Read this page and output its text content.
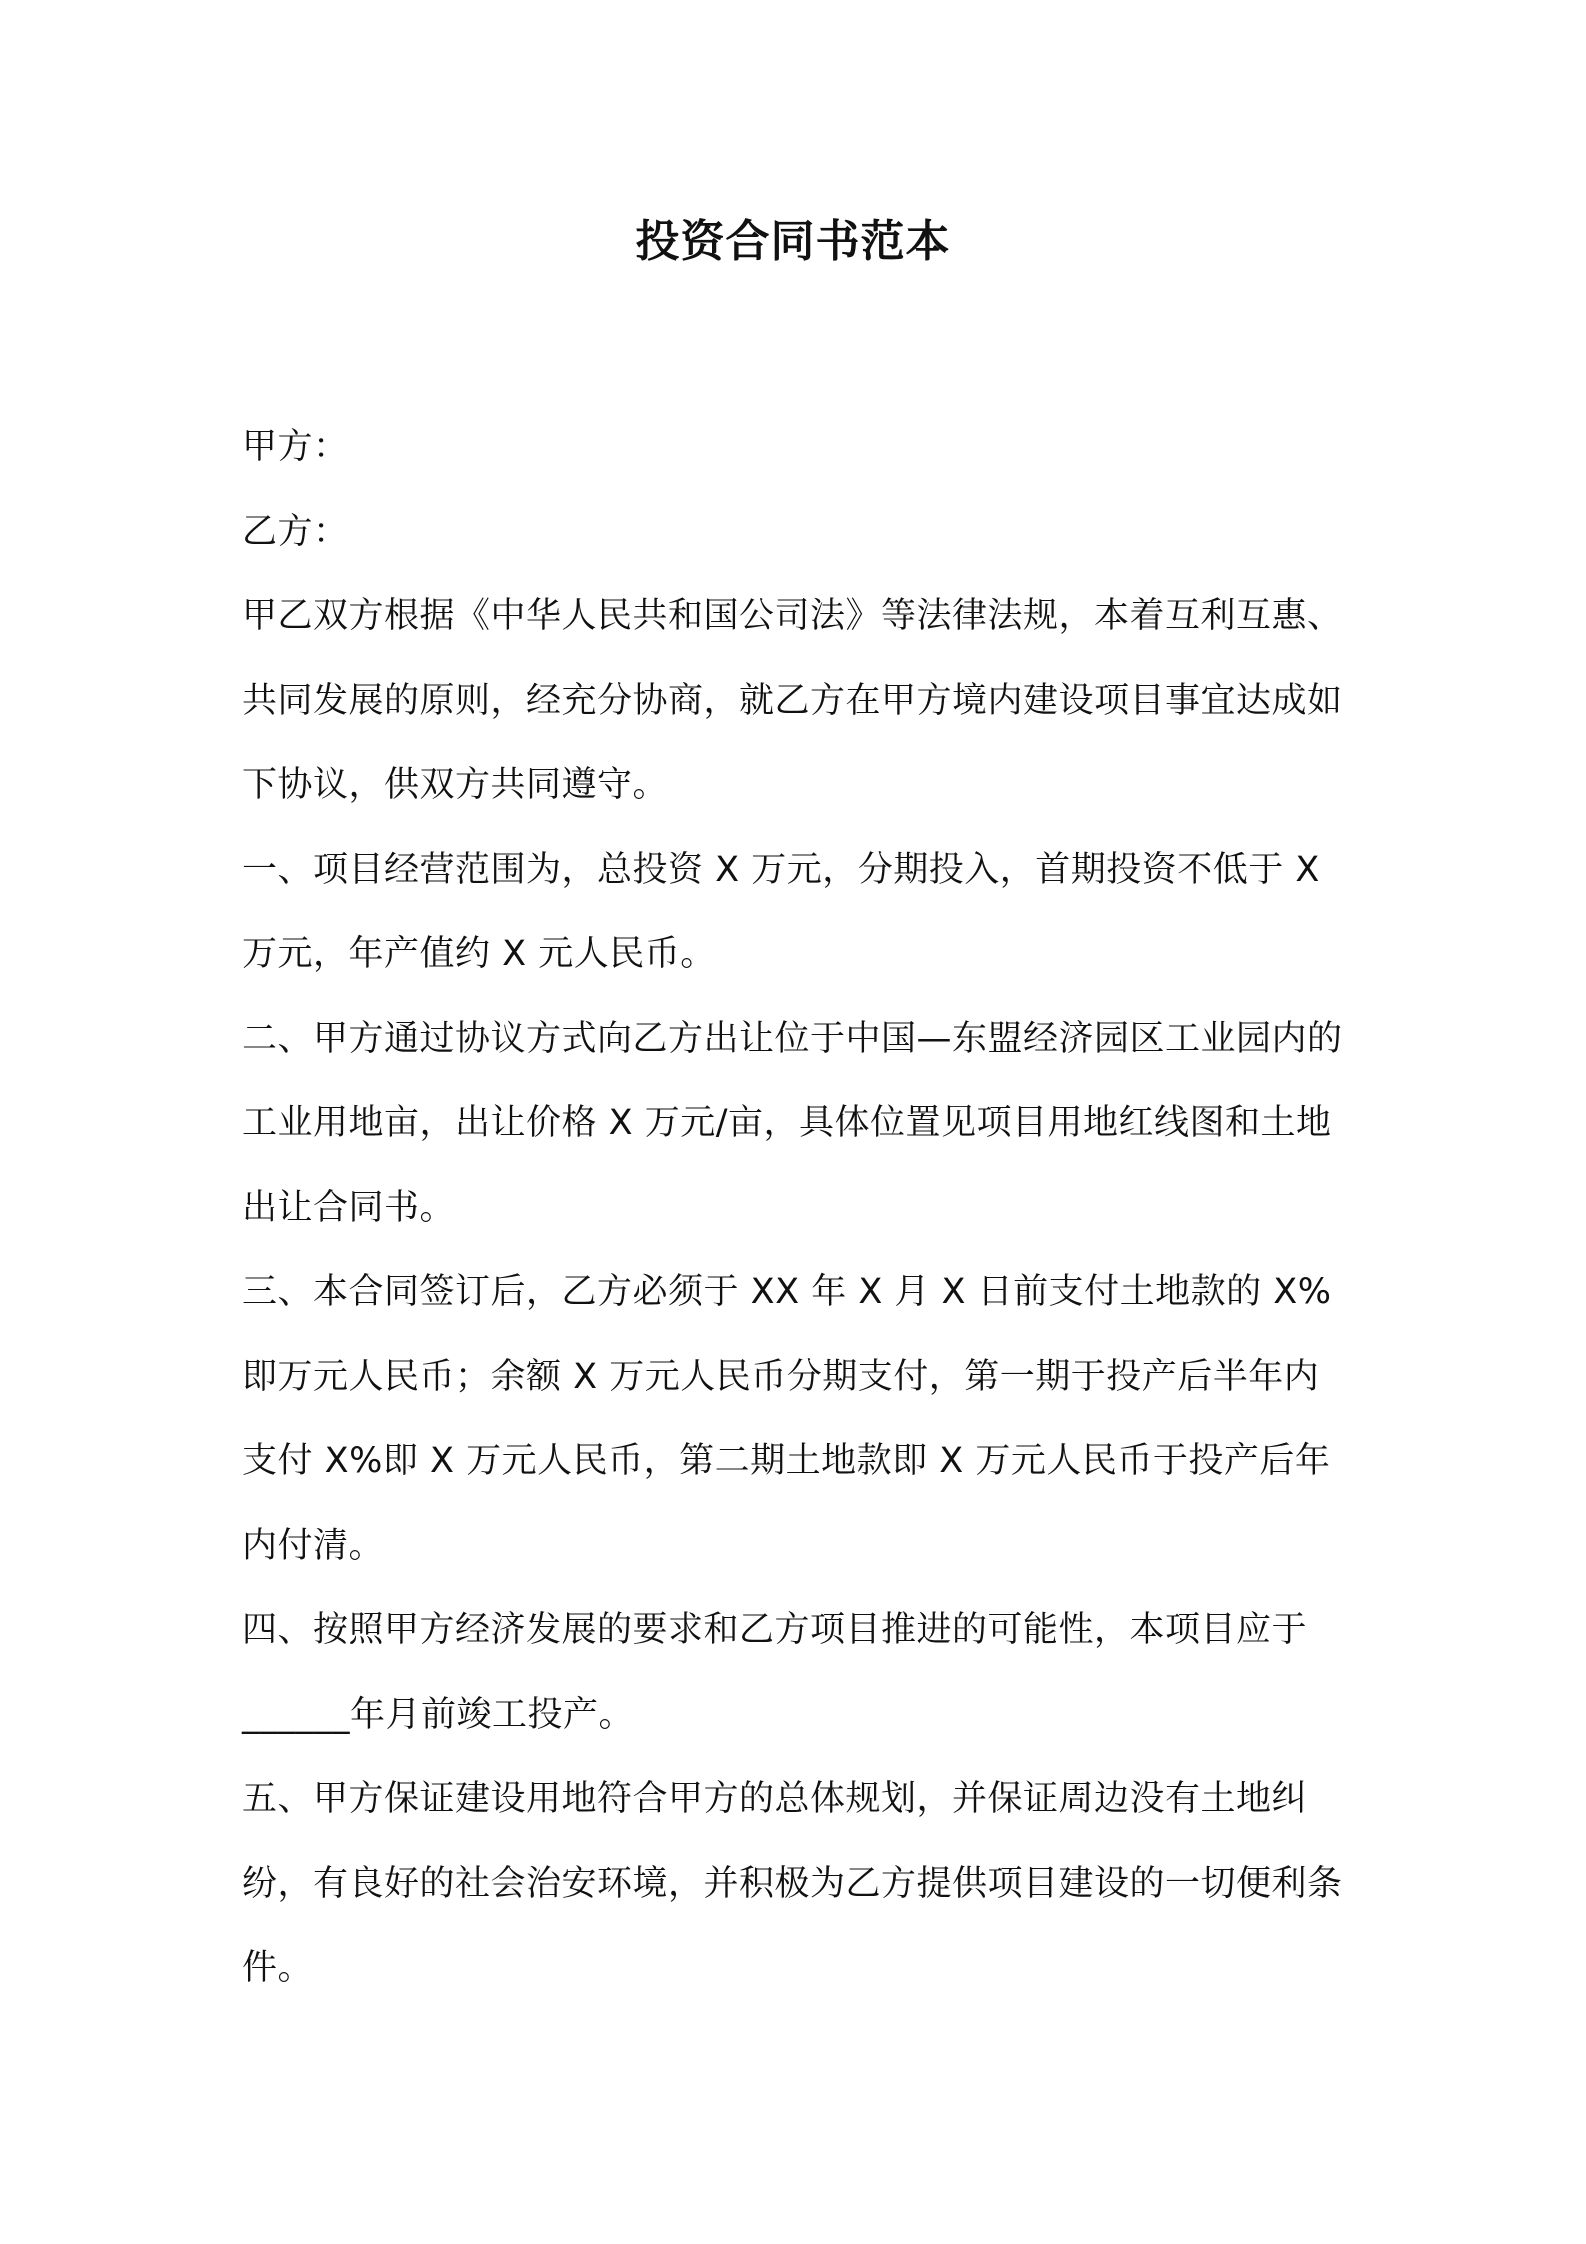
投资合同书范本

甲方：

乙方：

甲乙双方根据《中华人民共和国公司法》等法律法规，本着互利互惠、共同发展的原则，经充分协商，就乙方在甲方境内建设项目事宜达成如下协议，供双方共同遵守。

一、项目经营范围为，总投资 X 万元，分期投入，首期投资不低于 X 万元，年产值约 X 元人民币。

二、甲方通过协议方式向乙方出让位于中国—东盟经济园区工业园内的工业用地亩，出让价格 X 万元/亩，具体位置见项目用地红线图和土地出让合同书。

三、本合同签订后，乙方必须于 XX 年 X 月 X 日前支付土地款的 X%即万元人民币；余额 X 万元人民币分期支付，第一期于投产后半年内支付 X%即 X 万元人民币，第二期土地款即 X 万元人民币于投产后年内付清。

四、按照甲方经济发展的要求和乙方项目推进的可能性，本项目应于______年月前竣工投产。

五、甲方保证建设用地符合甲方的总体规划，并保证周边没有土地纠纷，有良好的社会治安环境，并积极为乙方提供项目建设的一切便利条件。
